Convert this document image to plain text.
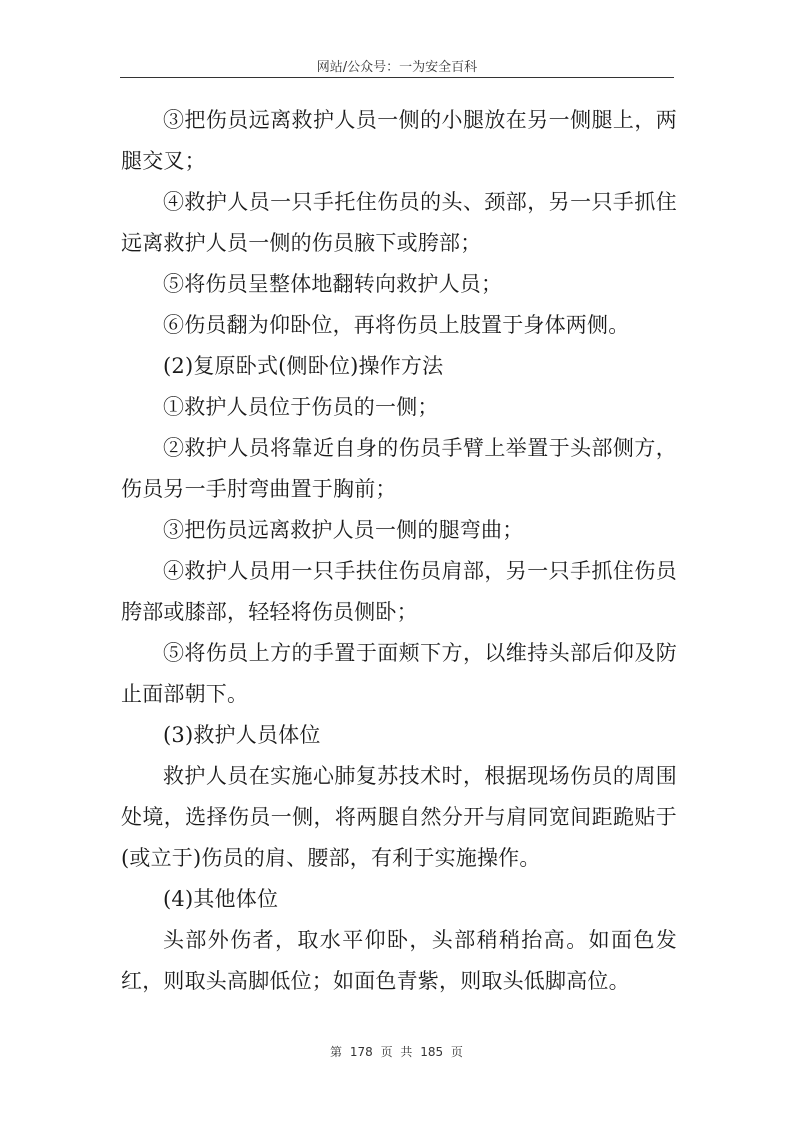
网站/公众号：一为安全百科

③把伤员远离救护人员一侧的小腿放在另一侧腿上，两腿交叉；

④救护人员一只手托住伤员的头、颈部，另一只手抓住远离救护人员一侧的伤员腋下或胯部；

⑤将伤员呈整体地翻转向救护人员；

⑥伤员翻为仰卧位，再将伤员上肢置于身体两侧。

(2)复原卧式(侧卧位)操作方法

①救护人员位于伤员的一侧；

②救护人员将靠近自身的伤员手臂上举置于头部侧方，伤员另一手肘弯曲置于胸前；

③把伤员远离救护人员一侧的腿弯曲；

④救护人员用一只手扶住伤员肩部，另一只手抓住伤员胯部或膝部，轻轻将伤员侧卧；

⑤将伤员上方的手置于面颊下方，以维持头部后仰及防止面部朝下。

(3)救护人员体位

救护人员在实施心肺复苏技术时，根据现场伤员的周围处境，选择伤员一侧，将两腿自然分开与肩同宽间距跪贴于(或立于)伤员的肩、腰部，有利于实施操作。

(4)其他体位

头部外伤者，取水平仰卧，头部稍稍抬高。如面色发红，则取头高脚低位；如面色青紫，则取头低脚高位。

第 178 页 共 185 页
